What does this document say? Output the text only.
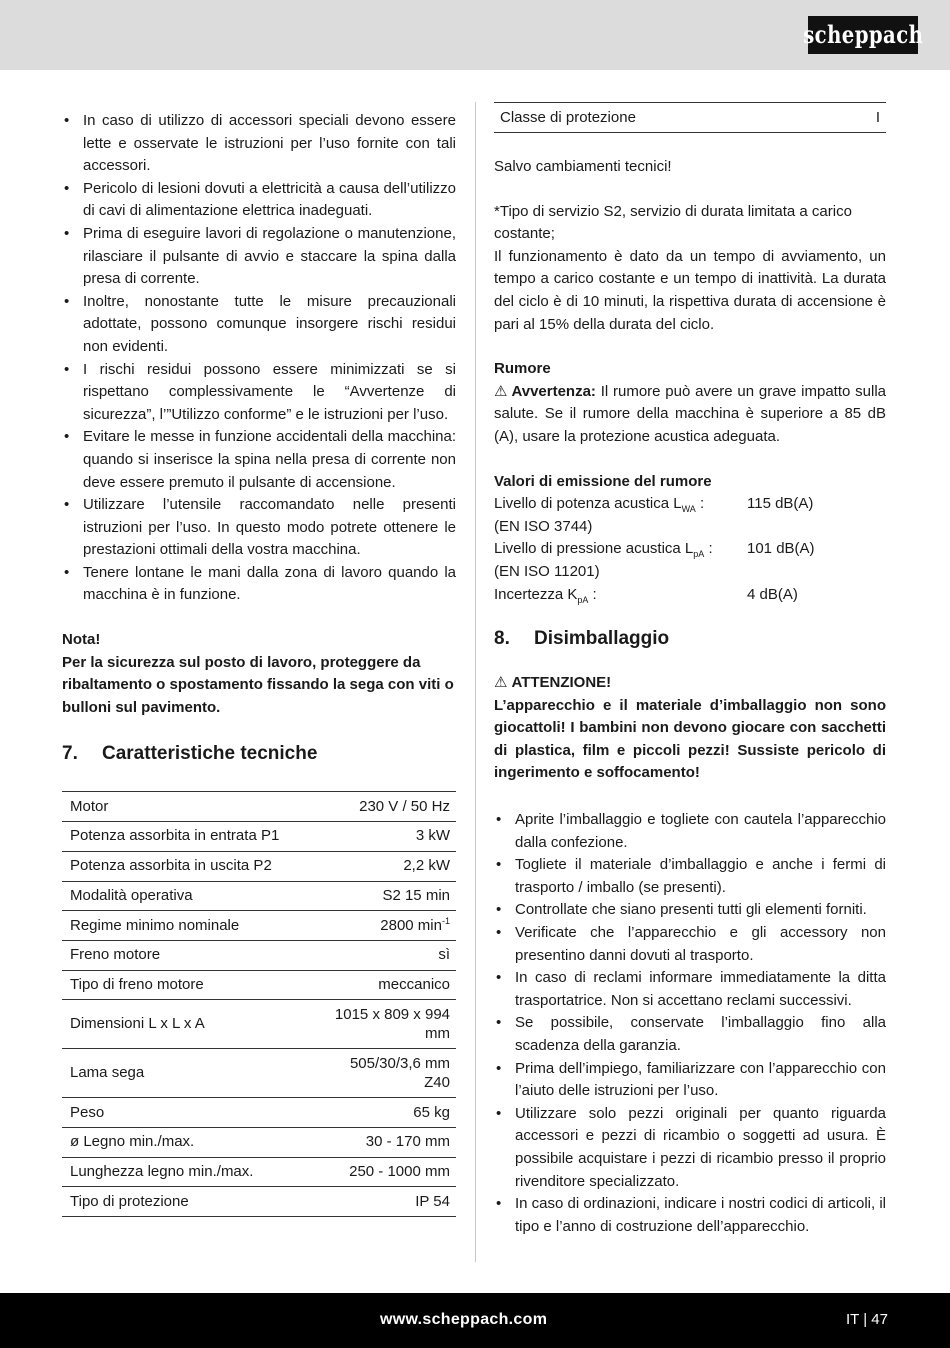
scheppach
• In caso di utilizzo di accessori speciali devono essere lette e osservate le istruzioni per l’uso fornite con tali accessori.
• Pericolo di lesioni dovuti a elettricità a causa dell’utilizzo di cavi di alimentazione elettrica inadeguati.
• Prima di eseguire lavori di regolazione o manutenzione, rilasciare il pulsante di avvio e staccare la spina dalla presa di corrente.
• Inoltre, nonostante tutte le misure precauzionali adottate, possono comunque insorgere rischi residui non evidenti.
• I rischi residui possono essere minimizzati se si rispettano complessivamente le “Avvertenze di sicurezza”, l’”Utilizzo conforme” e le istruzioni per l’uso.
• Evitare le messe in funzione accidentali della macchina: quando si inserisce la spina nella presa di corrente non deve essere premuto il pulsante di accensione.
• Utilizzare l’utensile raccomandato nelle presenti istruzioni per l’uso. In questo modo potrete ottenere le prestazioni ottimali della vostra macchina.
• Tenere lontane le mani dalla zona di lavoro quando la macchina è in funzione.
Nota!
Per la sicurezza sul posto di lavoro, proteggere da ribaltamento o spostamento fissando la sega con viti o bulloni sul pavimento.
7.	Caratteristiche tecniche
Motor	230 V / 50 Hz
Potenza assorbita in entrata P1	3 kW
Potenza assorbita in uscita P2	2,2 kW
Modalità operativa	S2 15 min
Regime minimo nominale	2800 $\min^{-1}$
Freno motore	sì
Tipo di freno motore	meccanico
Dimensioni L x L x A	1015 x 809 x 994 mm
Lama sega	505/30/3,6 mm Z40
Peso	65 kg
ø Legno min./max.	30 - 170 mm
Lunghezza legno min./max.	250 - 1000 mm
Tipo di protezione	IP 54
Classe di protezione	I
Salvo cambiamenti tecnici!
*Tipo di servizio S2, servizio di durata limitata a carico costante;
Il funzionamento è dato da un tempo di avviamento, un tempo a carico costante e un tempo di inattività. La durata del ciclo è di 10 minuti, la rispettiva durata di accensione è pari al 15% della durata del ciclo.
Rumore
⚠ Avvertenza: Il rumore può avere un grave impatto sulla salute. Se il rumore della macchina è superiore a 85 dB (A), usare la protezione acustica adeguata.
Valori di emissione del rumore
Livello di potenza acustica $L_{WA}$ :	115 dB(A)
(EN ISO 3744)
Livello di pressione acustica $L_{pA}$ :	101 dB(A)
(EN ISO 11201)
Incertezza $K_{pA}$ :	4 dB(A)
8.	Disimballaggio
⚠ ATTENZIONE!
L’apparecchio e il materiale d’imballaggio non sono giocattoli! I bambini non devono giocare con sacchetti di plastica, film e piccoli pezzi! Sussiste pericolo di ingerimento e soffocamento!
• Aprite l’imballaggio e togliete con cautela l’apparecchio dalla confezione.
• Togliete il materiale d’imballaggio e anche i fermi di trasporto / imballo (se presenti).
• Controllate che siano presenti tutti gli elementi forniti.
• Verificate che l’apparecchio e gli accessory non presentino danni dovuti al trasporto.
• In caso di reclami informare immediatamente la ditta trasportatrice. Non si accettano reclami successivi.
• Se possibile, conservate l’imballaggio fino alla scadenza della garanzia.
• Prima dell’impiego, familiarizzare con l’apparecchio con l’aiuto delle istruzioni per l’uso.
• Utilizzare solo pezzi originali per quanto riguarda accessori e pezzi di ricambio o soggetti ad usura. È possibile acquistare i pezzi di ricambio presso il proprio rivenditore specializzato.
• In caso di ordinazioni, indicare i nostri codici di articoli, il tipo e l’anno di costruzione dell’apparecchio.
www.scheppach.com	IT | 47
